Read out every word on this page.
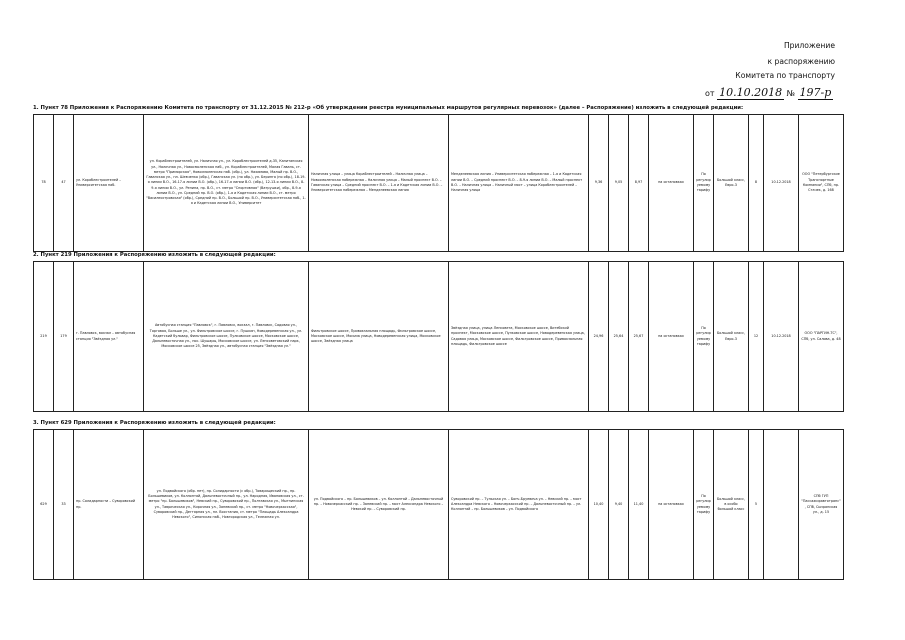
Приложение
к распоряжению
Комитета по транспорту
от 10.10.2018 № 197-р
1. Пункт 78 Приложения к Распоряжению Комитета по транспорту от 31.12.2015 № 212-р «Об утверждении реестра муниципальных маршрутов регулярных перевозок» (далее – Распоряжение) изложить в следующей редакции:
78	47	ул. Кораблестроителей – Университетская наб.	ул. Кораблестроителей, ул. Наличная ул., ул. Кораблестроителей д.35, Капитанская ул., Наличная ул., Новосмоленская наб., ул. Кораблестроителей, Малая Гавань, ст. метро "Приморская", Новосмоленская наб. (обр.), ул. Нахимова, Малый пр. В.О., Гаванская ул., пл. Шевченко (обр.), Гаванская ул. (по обр.), ул. Беринга (по обр.), 18-19-я линии В.О., 16-17-я линии В.О. (обр.), 16-17-я линии В.О. (обр.), 12-13-я линии В.О., 8-9-я линии В.О., ул. Репина, пр. В.О., ст. метро "Спортивная" (Ватрушки), обр., 8-9-я линии В.О., ул. Средний пр. В.О. (обр.), 1-я и Кадетская линии В.О., ст. метро "Василеостровская" (обр.), Средний пр. В.О., Большой пр. В.О., Университетская наб., 1-я и Кадетская линии В.О., Университет	Наличная улица – улица Кораблестроителей – Наличная улица – Новосмоленская набережная – Наличная улица – Малый проспект В.О. – Гаванская улица – Средний проспект В.О. – 1-я и Кадетская линии В.О. – Университетская набережная – Менделеевская линия	Менделеевская линия – Университетская набережная – 1-я и Кадетская линии В.О. – Средний проспект В.О. – 8-9-я линии В.О. – Малый проспект В.О. – Наличная улица – Наличный мост – улица Кораблестроителей – Наличная улица	9,36	9,05	8,97	на остановках	По регулируемому тарифу	Большой класс, Евро-3	8	10.12.2018	ООО "Петербургские Транспортные Компании", СПб, пр. Стачек, д. 168
2. Пункт 219 Приложения к Распоряжению изложить в следующей редакции:
219	179	г. Павловск, вокзал – автобусная станция "Звёздная ул."	Автобусная станция "Павловск", г. Павловск, вокзал, г. Павловск, Садовая ул., Торговая, Больше ул., ул. Фильтровское шоссе, г. Пушкин, Новодеревенская ул., ул. Кадетский бульвар, Фильтровское шоссе, Пулковское шоссе, Московское шоссе, Дальневосточная ул., пос. Шушары, Московское шоссе, ул. Ленсоветовский парк, Московское шоссе 25, Звёздная ул., автобусная станция "Звёздная ул."	Фильтровское шоссе, Привокзальная площадь, Фильтровское шоссе, Московское шоссе, Мосьма улица, Новодеревенская улица, Московское шоссе, Звёздная улица	Звёздная улица, улица Ленсовета, Московское шоссе, Витебский проспект, Московское шоссе, Пулковское шоссе, Новодеревенская улица, Садовая улица, Московское шоссе, Фильтровское шоссе, Привокзальная площадь, Фильтровское шоссе	24,96	25,64	25,67	на остановках	По регулируемому тарифу	Большой класс, Евро-3	12	10.12.2018	ООО "ПАРГИН-ТС", СПб, ул. Салова, д. 48
3. Пункт 629 Приложения к Распоряжению изложить в следующей редакции:
629	33	пр. Солидарности – Суворовский пр.	ул. Подвойского (обр. нет), пр. Солидарности (с обр.), Товарищеский пр., пр. Большевиков, ул. Коллонтай, Дальневосточный пр., ул. Народная, Ивановская ул., ст. метро "пр. Большевиков", Невский пр., Суворовский пр., Полтавская ул., Мытнинская ул., Таврическая ул., Кирочная ул., Заневский пр., ст. метро "Новочеркасская", Суворовский пр., Дегтярная ул., пл. Восстания, ст. метро "Площадь Александра Невского", Синопская наб., Новгородская ул., Тележная ул.	ул. Подвойского – пр. Большевиков – ул. Коллонтай – Дальневосточный пр. – Новочеркасский пр. – Заневский пр. – мост Александра Невского – Невский пр. – Суворовский пр.	Суворовский пр. – Тульская ул. – Бонч-Бруевича ул. – Невский пр. – мост Александра Невского – Новочеркасский пр. – Дальневосточный пр. – ул. Коллонтай – пр. Большевиков – ул. Подвойского	10,40	9,40	11,40	на остановках	По регулируемому тарифу	Большой класс, в особо большой класс	5		СПб ГУП "Пассажиравтотранс", СПб, Сызранская ул., д. 15
